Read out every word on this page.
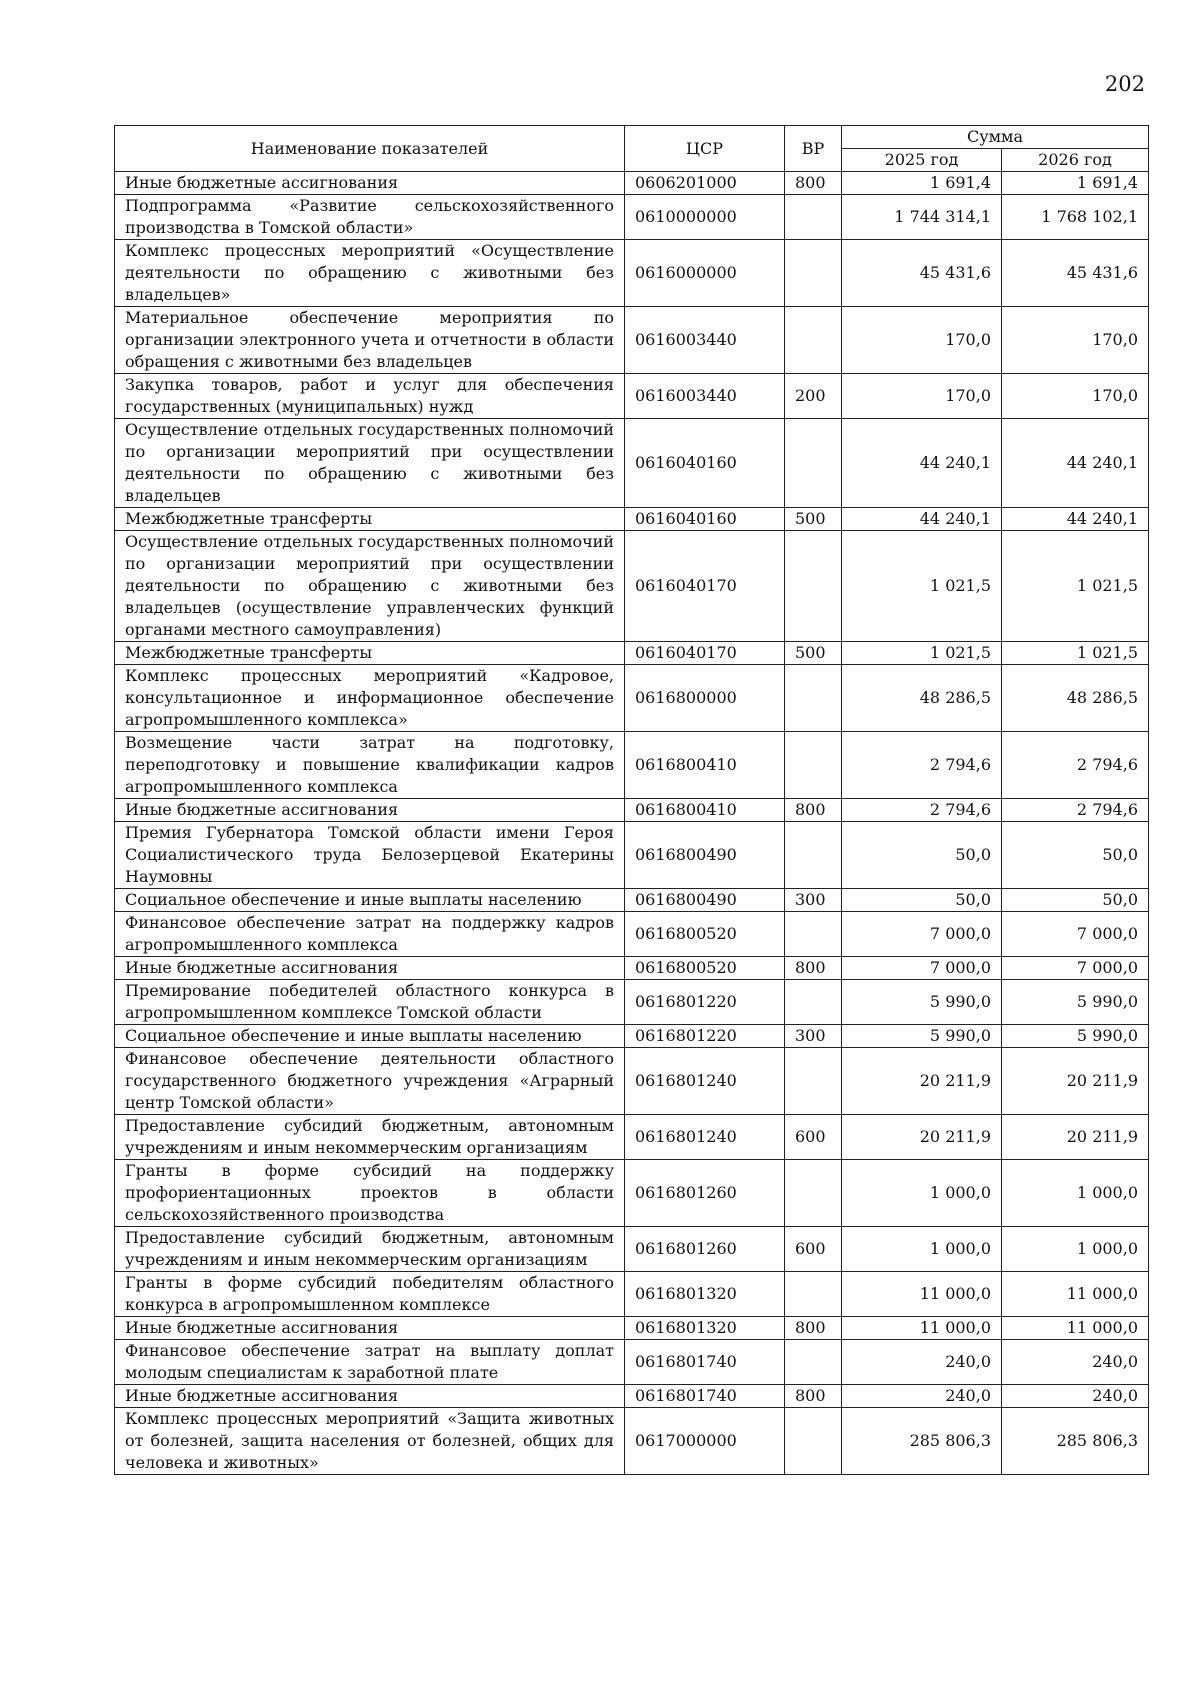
202
Наименование показателей	ЦСР	ВР	Сумма	
			2025 год	2026 год
Иные бюджетные ассигнования	0606201000	800	1 691,4	1 691,4
Подпрограмма «Развитие сельскохозяйственного производства в Томской области»	0610000000		1 744 314,1	1 768 102,1
Комплекс процессных мероприятий «Осуществление деятельности по обращению с животными без владельцев»	0616000000		45 431,6	45 431,6
Материальное обеспечение мероприятия по организации электронного учета и отчетности в области обращения с животными без владельцев	0616003440		170,0	170,0
Закупка товаров, работ и услуг для обеспечения государственных (муниципальных) нужд	0616003440	200	170,0	170,0
Осуществление отдельных государственных полномочий по организации мероприятий при осуществлении деятельности по обращению с животными без владельцев	0616040160		44 240,1	44 240,1
Межбюджетные трансферты	0616040160	500	44 240,1	44 240,1
Осуществление отдельных государственных полномочий по организации мероприятий при осуществлении деятельности по обращению с животными без владельцев (осуществление управленческих функций органами местного самоуправления)	0616040170		1 021,5	1 021,5
Межбюджетные трансферты	0616040170	500	1 021,5	1 021,5
Комплекс процессных мероприятий «Кадровое, консультационное и информационное обеспечение агропромышленного комплекса»	0616800000		48 286,5	48 286,5
Возмещение части затрат на подготовку, переподготовку и повышение квалификации кадров агропромышленного комплекса	0616800410		2 794,6	2 794,6
Иные бюджетные ассигнования	0616800410	800	2 794,6	2 794,6
Премия Губернатора Томской области имени Героя Социалистического труда Белозерцевой Екатерины Наумовны	0616800490		50,0	50,0
Социальное обеспечение и иные выплаты населению	0616800490	300	50,0	50,0
Финансовое обеспечение затрат на поддержку кадров агропромышленного комплекса	0616800520		7 000,0	7 000,0
Иные бюджетные ассигнования	0616800520	800	7 000,0	7 000,0
Премирование победителей областного конкурса в агропромышленном комплексе Томской области	0616801220		5 990,0	5 990,0
Социальное обеспечение и иные выплаты населению	0616801220	300	5 990,0	5 990,0
Финансовое обеспечение деятельности областного государственного бюджетного учреждения «Аграрный центр Томской области»	0616801240		20 211,9	20 211,9
Предоставление субсидий бюджетным, автономным учреждениям и иным некоммерческим организациям	0616801240	600	20 211,9	20 211,9
Гранты в форме субсидий на поддержку профориентационных проектов в области сельскохозяйственного производства	0616801260		1 000,0	1 000,0
Предоставление субсидий бюджетным, автономным учреждениям и иным некоммерческим организациям	0616801260	600	1 000,0	1 000,0
Гранты в форме субсидий победителям областного конкурса в агропромышленном комплексе	0616801320		11 000,0	11 000,0
Иные бюджетные ассигнования	0616801320	800	11 000,0	11 000,0
Финансовое обеспечение затрат на выплату доплат молодым специалистам к заработной плате	0616801740		240,0	240,0
Иные бюджетные ассигнования	0616801740	800	240,0	240,0
Комплекс процессных мероприятий «Защита животных от болезней, защита населения от болезней, общих для человека и животных»	0617000000		285 806,3	285 806,3
